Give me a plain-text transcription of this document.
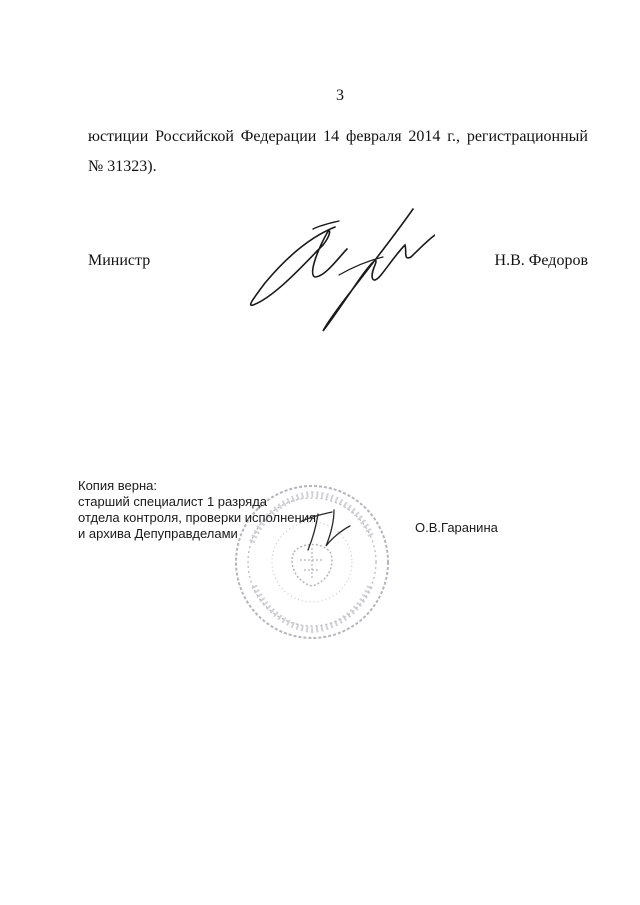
3
юстиции Российской Федерации 14 февраля 2014 г., регистрационный
№ 31323).
Министр	Н.В. Федоров
Копия верна:
старший специалист 1 разряда
отдела контроля, проверки исполнения
и архива Депуправделами	О.В.Гаранина
